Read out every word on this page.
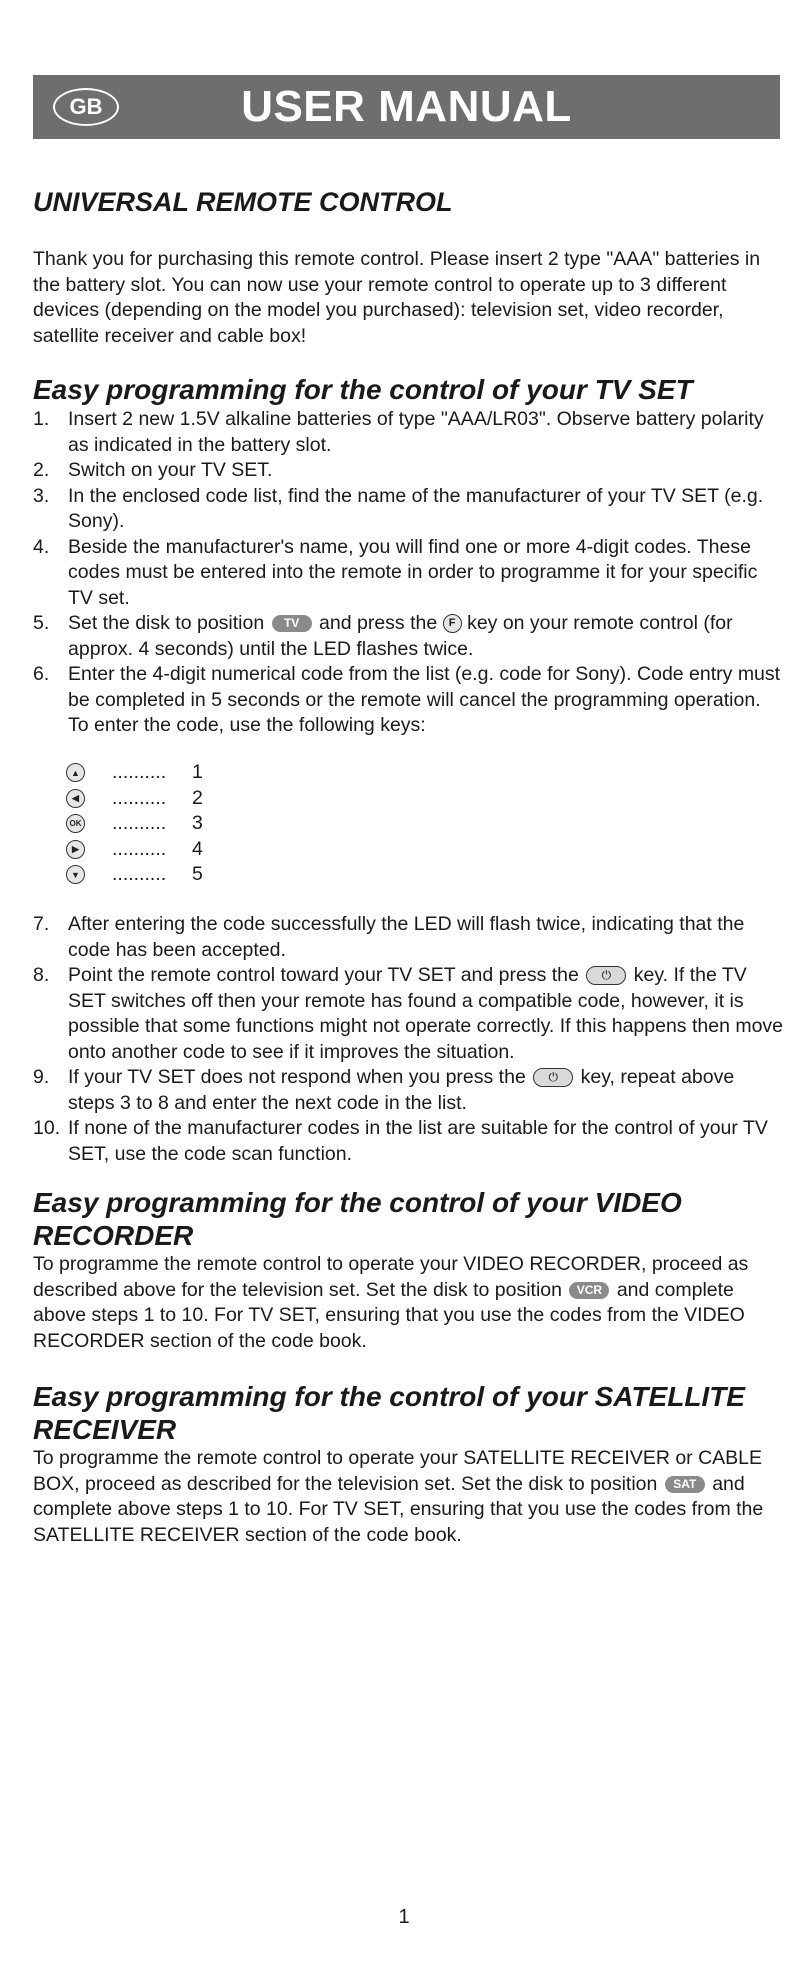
GB	USER MANUAL
UNIVERSAL REMOTE CONTROL

Thank you for purchasing this remote control. Please insert 2 type "AAA" batteries in the battery slot. You can now use your remote control to operate up to 3 different devices (depending on the model you purchased): television set, video recorder, satellite receiver and cable box!

Easy programming for the control of your TV SET
1. Insert 2 new 1.5V alkaline batteries of type "AAA/LR03". Observe battery polarity as indicated in the battery slot.
2. Switch on your TV SET.
3. In the enclosed code list, find the name of the manufacturer of your TV SET (e.g. Sony).
4. Beside the manufacturer's name, you will find one or more 4-digit codes. These codes must be entered into the remote in order to programme it for your specific TV set.
5. Set the disk to position TV and press the F key on your remote control (for approx. 4 seconds) until the LED flashes twice.
6. Enter the 4-digit numerical code from the list (e.g. code for Sony). Code entry must be completed in 5 seconds or the remote will cancel the programming operation. To enter the code, use the following keys:
▲ ..........	1
◀	..........	2
OK ..........	3
▶	..........	4
▼ ..........	5
7. After entering the code successfully the LED will flash twice, indicating that the code has been accepted.
8. Point the remote control toward your TV SET and press the ⏻ key. If the TV SET switches off then your remote has found a compatible code, however, it is possible that some functions might not operate correctly. If this happens then move onto another code to see if it improves the situation.
9. If your TV SET does not respond when you press the ⏻ key, repeat above steps 3 to 8 and enter the next code in the list.
10. If none of the manufacturer codes in the list are suitable for the control of your TV SET, use the code scan function.
Easy programming for the control of your VIDEO RECORDER

To programme the remote control to operate your VIDEO RECORDER, proceed as described above for the television set. Set the disk to position VCR and complete above steps 1 to 10. For TV SET, ensuring that you use the codes from the VIDEO RECORDER section of the code book.

Easy programming for the control of your SATELLITE RECEIVER

To programme the remote control to operate your SATELLITE RECEIVER or CABLE BOX, proceed as described for the television set. Set the disk to position SAT and complete above steps 1 to 10. For TV SET, ensuring that you use the codes from the SATELLITE RECEIVER section of the code book.

1
